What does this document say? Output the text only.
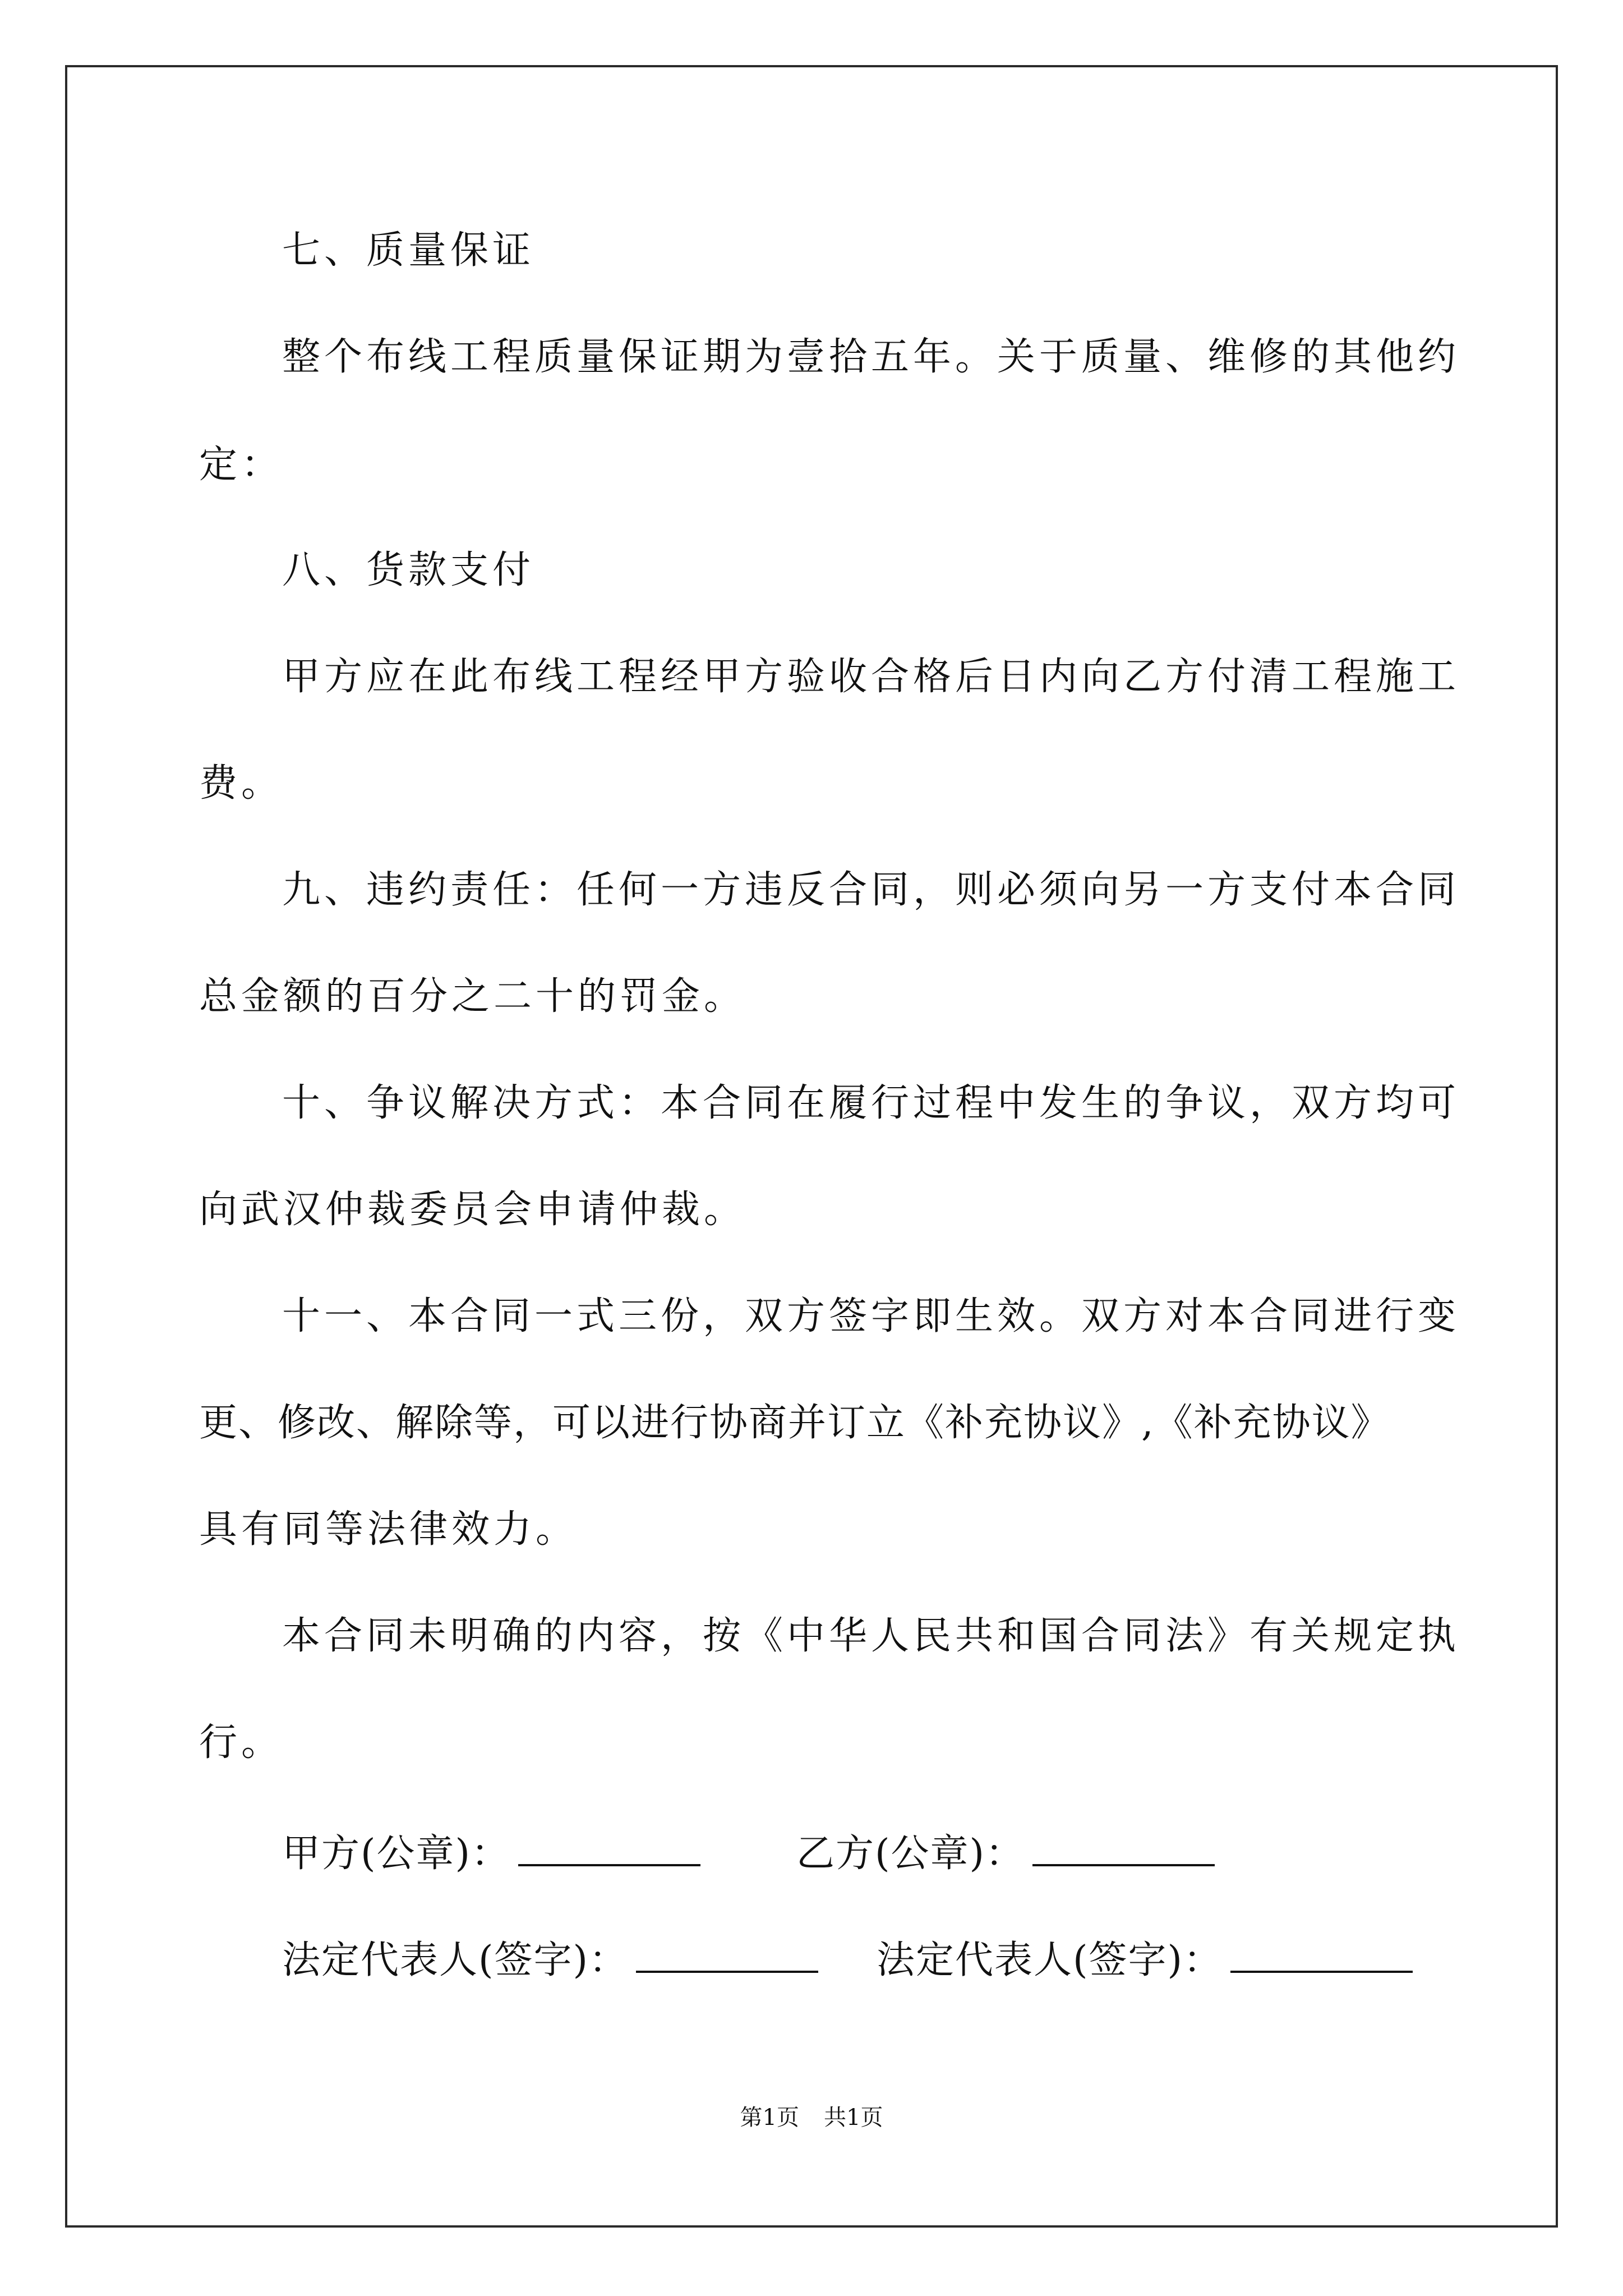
七、质量保证

整个布线工程质量保证期为壹拾五年。关于质量、维修的其他约

定：

八、货款支付

甲方应在此布线工程经甲方验收合格后日内向乙方付清工程施工

费。

九、违约责任：任何一方违反合同，则必须向另一方支付本合同

总金额的百分之二十的罚金。

十、争议解决方式：本合同在履行过程中发生的争议，双方均可

向武汉仲裁委员会申请仲裁。

十一、本合同一式三份，双方签字即生效。双方对本合同进行变

更、修改、解除等，可以进行协商并订立《补充协议》,《补充协议》

具有同等法律效力。

本合同未明确的内容，按《中华人民共和国合同法》有关规定执

行。

甲方(公章)：	乙方(公章)：
法定代表人(签字)：	法定代表人(签字)：
第1页 共1页
